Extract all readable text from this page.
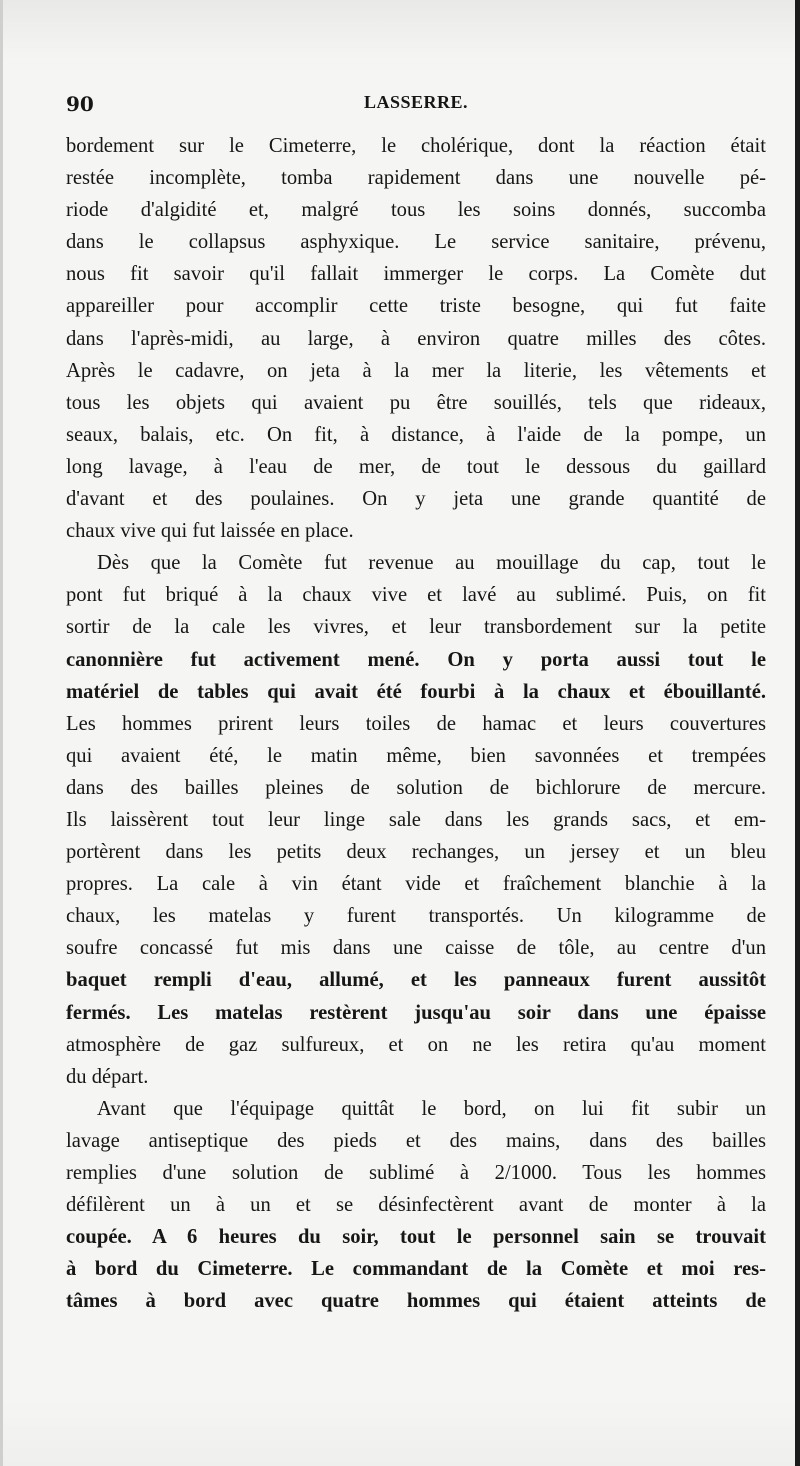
90	LASSERRE.
bordement sur le Cimeterre, le cholérique, dont la réaction était
restée incomplète, tomba rapidement dans une nouvelle pé-
riode d'algidité et, malgré tous les soins donnés, succomba
dans le collapsus asphyxique. Le service sanitaire, prévenu,
nous fit savoir qu'il fallait immerger le corps. La Comète dut
appareiller pour accomplir cette triste besogne, qui fut faite
dans l'après-midi, au large, à environ quatre milles des côtes.
Après le cadavre, on jeta à la mer la literie, les vêtements et
tous les objets qui avaient pu être souillés, tels que rideaux,
seaux, balais, etc. On fit, à distance, à l'aide de la pompe, un
long lavage, à l'eau de mer, de tout le dessous du gaillard
d'avant et des poulaines. On y jeta une grande quantité de
chaux vive qui fut laissée en place.
Dès que la Comète fut revenue au mouillage du cap, tout le
pont fut briqué à la chaux vive et lavé au sublimé. Puis, on fit
sortir de la cale les vivres, et leur transbordement sur la petite
canonnière fut activement mené. On y porta aussi tout le
matériel de tables qui avait été fourbi à la chaux et ébouillanté.
Les hommes prirent leurs toiles de hamac et leurs couvertures
qui avaient été, le matin même, bien savonnées et trempées
dans des bailles pleines de solution de bichlorure de mercure.
Ils laissèrent tout leur linge sale dans les grands sacs, et em-
portèrent dans les petits deux rechanges, un jersey et un bleu
propres. La cale à vin étant vide et fraîchement blanchie à la
chaux, les matelas y furent transportés. Un kilogramme de
soufre concassé fut mis dans une caisse de tôle, au centre d'un
baquet rempli d'eau, allumé, et les panneaux furent aussitôt
fermés. Les matelas restèrent jusqu'au soir dans une épaisse
atmosphère de gaz sulfureux, et on ne les retira qu'au moment
du départ.
Avant que l'équipage quittât le bord, on lui fit subir un
lavage antiseptique des pieds et des mains, dans des bailles
remplies d'une solution de sublimé à 2/1000. Tous les hommes
défilèrent un à un et se désinfectèrent avant de monter à la
coupée. A 6 heures du soir, tout le personnel sain se trouvait
à bord du Cimeterre. Le commandant de la Comète et moi res-
tâmes à bord avec quatre hommes qui étaient atteints de
